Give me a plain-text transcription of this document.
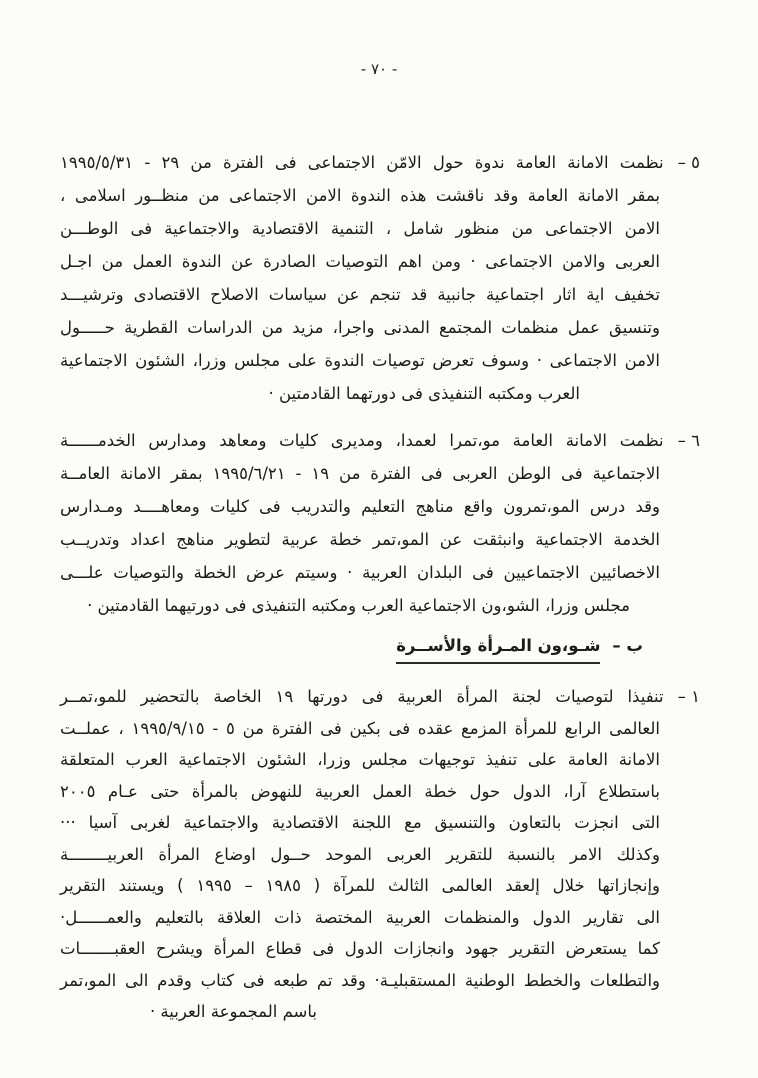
- ٧٠ -
٥ –نظمت الامانة العامة ندوة حول الامّن الاجتماعى فى الفترة من ٢٩ - ١٩٩٥/٥/٣١
بمقر الامانة العامة وقد ناقشت هذه الندوة الامن الاجتماعى من منظــور اسلامى ،
الامن الاجتماعى من منظور شامل ، التنمية الاقتصادية والاجتماعية فى الوطـــن
العربى والامن الاجتماعى · ومن اهم التوصيات الصادرة عن الندوة العمل من اجـل
تخفيف اية اثار اجتماعية جانبية قد تنجم عن سياسات الاصلاح الاقتصادى وترشيـــد
وتنسيق عمل منظمات المجتمع المدنى واجرا، مزيد من الدراسات القطرية حـــــول
الامن الاجتماعى · وسوف تعرض توصيات الندوة على مجلس وزرا، الشئون الاجتماعية
العرب ومكتبه التنفيذى فى دورتهما القادمتين ·
٦ –نظمت الامانة العامة مو،تمرا لعمدا، ومديرى كليات ومعاهد ومدارس الخدمــــــة
الاجتماعية فى الوطن العربى فى الفترة من ١٩ - ١٩٩٥/٦/٢١ بمقر الامانة العامــة
وقد درس المو،تمرون واقع مناهج التعليم والتدريب فى كليات ومعاهــــد ومـدارس
الخدمة الاجتماعية وانبثقت عن المو،تمر خطة عربية لتطوير مناهج اعداد وتدريــب
الاخصائيين الاجتماعيين فى البلدان العربية · وسيتم عرض الخطة والتوصيات علـــى
مجلس وزرا، الشو،ون الاجتماعية العرب ومكتبه التنفيذى فى دورتيهما القادمتين ·
ب –شـو،ون المـرأة والأســرة
١ –تنفيذا لتوصيات لجنة المرأة العربية فى دورتها ١٩ الخاصة بالتحضير للمو،تمــر
العالمى الرابع للمرأة المزمع عقده فى بكين فى الفترة من ٥ - ١٩٩٥/٩/١٥ ، عملــت
الامانة العامة على تنفيذ توجيهات مجلس وزرا، الشئون الاجتماعية العرب المتعلقة
باستطلاع آرا، الدول حول خطة العمل العربية للنهوض بالمرأة حتى عـام ٢٠٠٥
التى انجزت بالتعاون والتنسيق مع اللجنة الاقتصادية والاجتماعية لغربى آسيا ···
وكذلك الامر بالنسبة للتقرير العربى الموحد حــول اوضاع المرأة العربيــــــــة
وإنجازاتها خلال إلعقد العالمى الثالث للمرآة ( ⁦١٩٨٥ – ١٩٩٥⁩ ) ويستند التقرير
الى تقارير الدول والمنظمات العربية المختصة ذات العلاقة بالتعليم والعمــــــل·
كما يستعرض التقرير جهود وانجازات الدول فى قطاع المرأة ويشرح العقبـــــــات
والتطلعات والخطط الوطنية المستقبليـة· وقد تم طبعه فى كتاب وقدم الى المو،تمر
باسم المجموعة العربية ·
